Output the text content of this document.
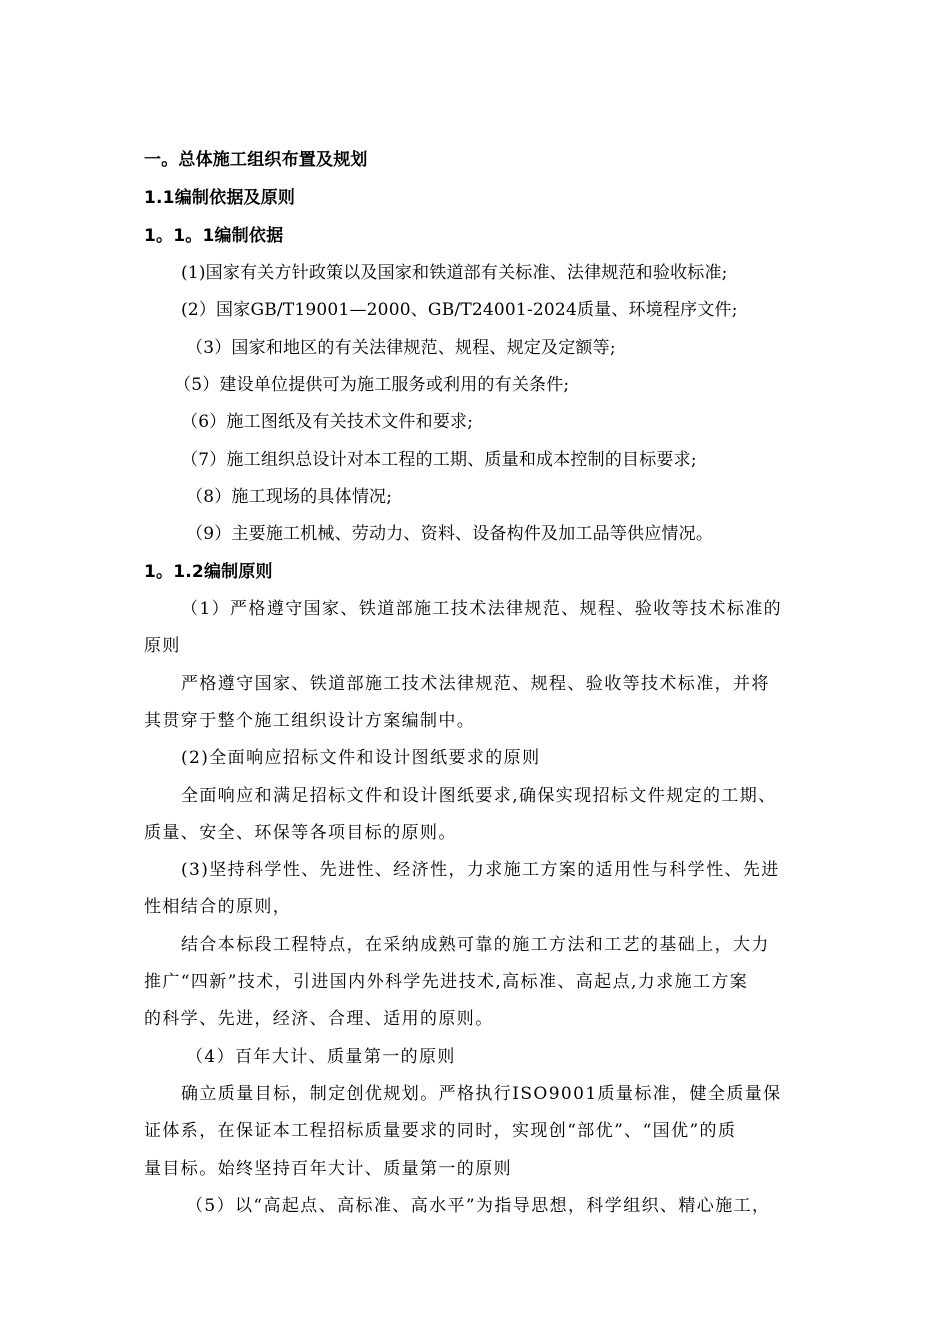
一。总体施工组织布置及规划
1.1编制依据及原则
1。1。1编制依据
(1)国家有关方针政策以及国家和铁道部有关标准、法律规范和验收标准;
(2）国家GB/T19001—2000、GB/T24001-2024质量、环境程序文件;
（3）国家和地区的有关法律规范、规程、规定及定额等;
（5）建设单位提供可为施工服务或利用的有关条件;
（6）施工图纸及有关技术文件和要求;
（7）施工组织总设计对本工程的工期、质量和成本控制的目标要求;
（8）施工现场的具体情况;
（9）主要施工机械、劳动力、资料、设备构件及加工品等供应情况。
1。1.2编制原则
（1）严格遵守国家、铁道部施工技术法律规范、规程、验收等技术标准的
原则
严格遵守国家、铁道部施工技术法律规范、规程、验收等技术标准，并将
其贯穿于整个施工组织设计方案编制中。
(2)全面响应招标文件和设计图纸要求的原则
全面响应和满足招标文件和设计图纸要求,确保实现招标文件规定的工期、
质量、安全、环保等各项目标的原则。
(3)坚持科学性、先进性、经济性，力求施工方案的适用性与科学性、先进
性相结合的原则，
结合本标段工程特点，在采纳成熟可靠的施工方法和工艺的基础上，大力
推广“四新”技术，引进国内外科学先进技术,高标准、高起点,力求施工方案
的科学、先进，经济、合理、适用的原则。
（4）百年大计、质量第一的原则
确立质量目标，制定创优规划。严格执行ISO9001质量标准，健全质量保
证体系，在保证本工程招标质量要求的同时，实现创“部优”、“国优”的质
量目标。始终坚持百年大计、质量第一的原则
（5）以“高起点、高标准、高水平”为指导思想，科学组织、精心施工，
